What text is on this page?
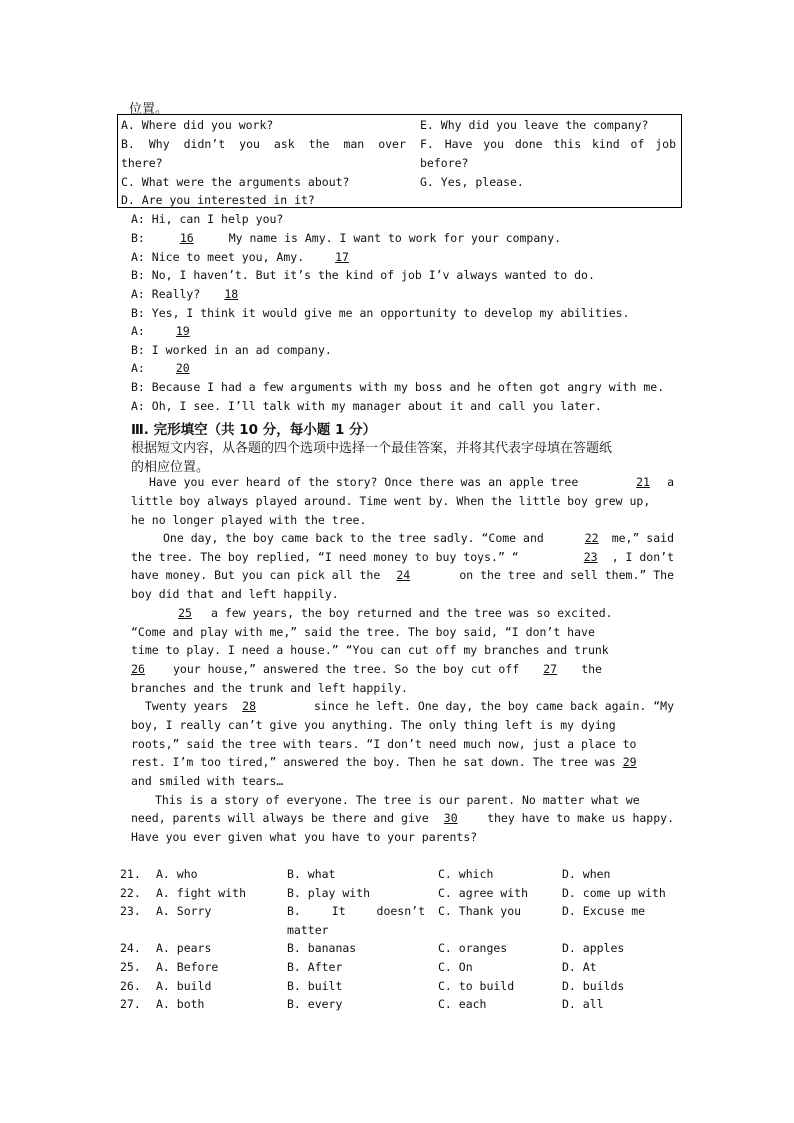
位置。
A. Where did you work?
B. Why didn’t you ask the man over
there?
C. What were the arguments about?
D. Are you interested in it?
E. Why did you leave the company?
F. Have you done this kind of job
before?
G. Yes, please.
A: Hi, can I help you?
B:	16 My name is Amy. I want to work for your company.
A: Nice to meet you, Amy. 17
B: No, I haven’t. But it’s the kind of job I’v always wanted to do.
A: Really? 18
B: Yes, I think it would give me an opportunity to develop my abilities.
A:	19
B: I worked in an ad company.
A:	20
B: Because I had a few arguments with my boss and he often got angry with me.
A: Oh, I see. I’ll talk with my manager about it and call you later.
Ⅲ. 完形填空（共 10 分，每小题 1 分）
根据短文内容，从各题的四个选项中选择一个最佳答案，并将其代表字母填在答题纸
的相应位置。
Have you ever heard of the story? Once there was an apple tree	21 a
little boy always played around. Time went by. When the little boy grew up,
he no longer played with the tree.
One day, the boy came back to the tree sadly. “Come and	22 me,” said
the tree. The boy replied, “I need money to buy toys.” “	23 , I don’t
have money. But you can pick all the 24	on the tree and sell them.” The
boy did that and left happily.
25 a few years, the boy returned and the tree was so excited.
“Come and play with me,” said the tree. The boy said, “I don’t have
time to play. I need a house.” “You can cut off my branches and trunk
26 your house,” answered the tree. So the boy cut off 27 the
branches and the trunk and left happily.
Twenty years 28	since he left. One day, the boy came back again. “My
boy, I really can’t give you anything. The only thing left is my dying
roots,” said the tree with tears. “I don’t need much now, just a place to
rest. I’m too tired,” answered the boy. Then he sat down. The tree was 29
and smiled with tears…
This is a story of everyone. The tree is our parent. No matter what we
need, parents will always be there and give 30	they have to make us happy.
Have you ever given what you have to your parents?
21. A. who	B. what	C. which	D. when
22. A. fight with	B. play with	C. agree with	D. come up with
23. A. Sorry	B.	It	doesn’t C. Thank you	D. Excuse me
matter
24. A. pears	B. bananas	C. oranges	D. apples
25. A. Before	B. After	C. On	D. At
26. A. build	B. built	C. to build	D. builds
27. A. both	B. every	C. each	D. all
